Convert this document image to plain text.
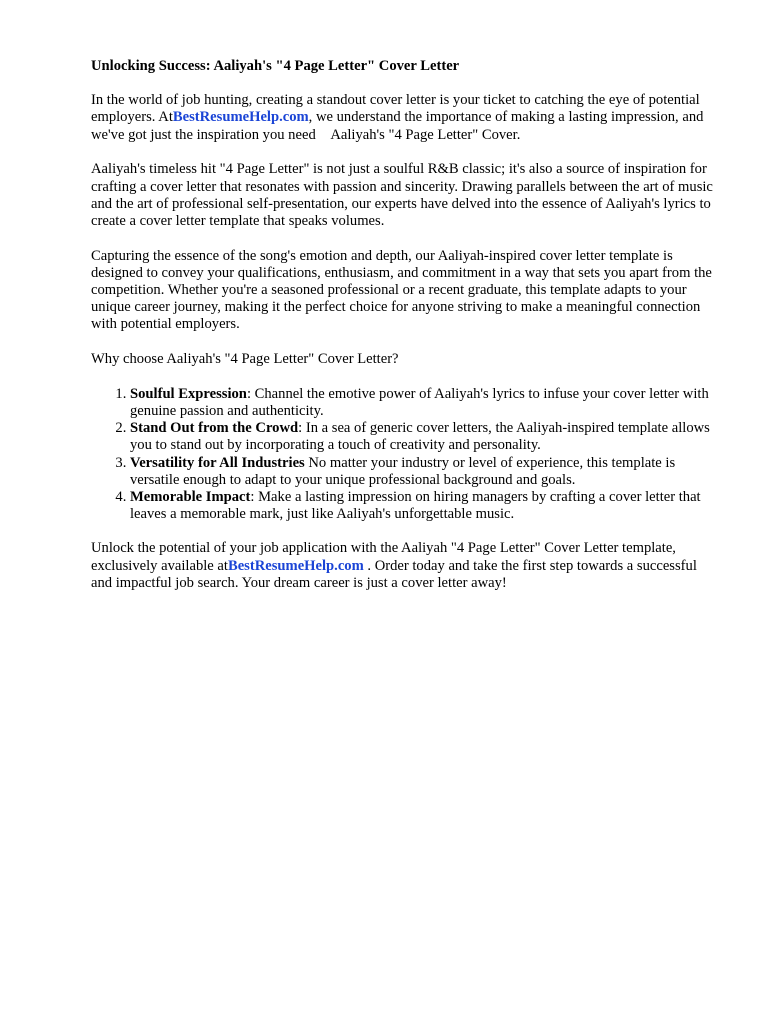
Unlocking Success: Aaliyah's "4 Page Letter" Cover Letter

In the world of job hunting, creating a standout cover letter is your ticket to catching the eye of potential employers. AtBestResumeHelp.com, we understand the importance of making a lasting impression, and we've got just the inspiration you need    Aaliyah's "4 Page Letter" Cover.

Aaliyah's timeless hit "4 Page Letter" is not just a soulful R&B classic; it's also a source of inspiration for crafting a cover letter that resonates with passion and sincerity. Drawing parallels between the art of music and the art of professional self-presentation, our experts have delved into the essence of Aaliyah's lyrics to create a cover letter template that speaks volumes.

Capturing the essence of the song's emotion and depth, our Aaliyah-inspired cover letter template is designed to convey your qualifications, enthusiasm, and commitment in a way that sets you apart from the competition. Whether you're a seasoned professional or a recent graduate, this template adapts to your unique career journey, making it the perfect choice for anyone striving to make a meaningful connection with potential employers.

Why choose Aaliyah's "4 Page Letter" Cover Letter?

1. Soulful Expression: Channel the emotive power of Aaliyah's lyrics to infuse your cover letter with genuine passion and authenticity.
2. Stand Out from the Crowd: In a sea of generic cover letters, the Aaliyah-inspired template allows you to stand out by incorporating a touch of creativity and personality.
3. Versatility for All Industries No matter your industry or level of experience, this template is versatile enough to adapt to your unique professional background and goals.
4. Memorable Impact: Make a lasting impression on hiring managers by crafting a cover letter that leaves a memorable mark, just like Aaliyah's unforgettable music.

Unlock the potential of your job application with the Aaliyah "4 Page Letter" Cover Letter template, exclusively available atBestResumeHelp.com . Order today and take the first step towards a successful and impactful job search. Your dream career is just a cover letter away!
